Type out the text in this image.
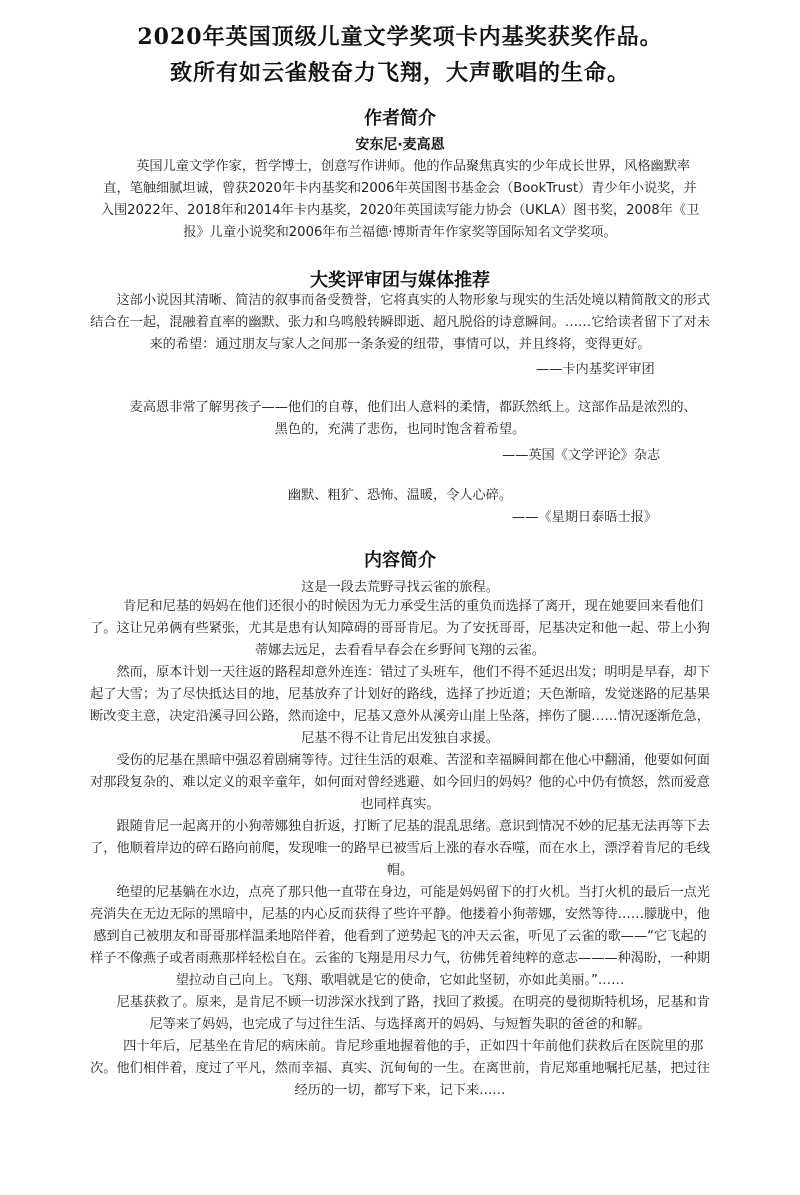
2020年英国顶级儿童文学奖项卡内基奖获奖作品。
致所有如云雀般奋力飞翔，大声歌唱的生命。
作者简介
安东尼·麦高恩
英国儿童文学作家，哲学博士，创意写作讲师。他的作品聚焦真实的少年成长世界，风格幽默率直，笔触细腻坦诚，曾获2020年卡内基奖和2006年英国图书基金会（BookTrust）青少年小说奖，并入围2022年、2018年和2014年卡内基奖，2020年英国读写能力协会（UKLA）图书奖，2008年《卫报》儿童小说奖和2006年布兰福德·博斯青年作家奖等国际知名文学奖项。
大奖评审团与媒体推荐
这部小说因其清晰、简洁的叙事而备受赞誉，它将真实的人物形象与现实的生活处境以精简散文的形式结合在一起，混融着直率的幽默、张力和乌鸣般转瞬即逝、超凡脱俗的诗意瞬间。……它给读者留下了对未来的希望：通过朋友与家人之间那一条条爱的纽带，事情可以，并且终将，变得更好。
——卡内基奖评审团
麦高恩非常了解男孩子——他们的自尊，他们出人意料的柔情，都跃然纸上。这部作品是浓烈的、黑色的，充满了悲伤，也同时饱含着希望。
——英国《文学评论》杂志
幽默、粗犷、恐怖、温暖，令人心碎。
——《星期日泰晤士报》
内容简介
这是一段去荒野寻找云雀的旅程。

肯尼和尼基的妈妈在他们还很小的时候因为无力承受生活的重负而选择了离开，现在她要回来看他们了。这让兄弟俩有些紧张，尤其是患有认知障碍的哥哥肯尼。为了安抚哥哥，尼基决定和他一起、带上小狗蒂娜去远足，去看看早春会在乡野间飞翔的云雀。

然而，原本计划一天往返的路程却意外连连：错过了头班车，他们不得不延迟出发；明明是早春，却下起了大雪；为了尽快抵达目的地，尼基放弃了计划好的路线，选择了抄近道；天色渐暗，发觉迷路的尼基果断改变主意，决定沿溪寻回公路，然而途中，尼基又意外从溪旁山崖上坠落，摔伤了腿……情况逐渐危急，尼基不得不让肯尼出发独自求援。

受伤的尼基在黑暗中强忍着剧痛等待。过往生活的艰难、苦涩和幸福瞬间都在他心中翻涌，他要如何面对那段复杂的、难以定义的艰辛童年，如何面对曾经逃避、如今回归的妈妈？他的心中仍有愤怒，然而爱意也同样真实。

跟随肯尼一起离开的小狗蒂娜独自折返，打断了尼基的混乱思绪。意识到情况不妙的尼基无法再等下去了，他顺着岸边的碎石路向前爬，发现唯一的路早已被雪后上涨的春水吞噬，而在水上，漂浮着肯尼的毛线帽。

绝望的尼基躺在水边，点亮了那只他一直带在身边，可能是妈妈留下的打火机。当打火机的最后一点光亮消失在无边无际的黑暗中，尼基的内心反而获得了些许平静。他搂着小狗蒂娜，安然等待……朦胧中，他感到自己被朋友和哥哥那样温柔地陪伴着，他看到了逆势起飞的冲天云雀，听见了云雀的歌——“它飞起的样子不像燕子或者雨燕那样轻松自在。云雀的飞翔是用尽力气，彷佛凭着纯粹的意志———种渴盼，一种期望拉动自己向上。飞翔、歌唱就是它的使命，它如此坚韧，亦如此美丽。”……

尼基获救了。原来，是肯尼不顾一切涉深水找到了路，找回了救援。在明亮的曼彻斯特机场，尼基和肯尼等来了妈妈，也完成了与过往生活、与选择离开的妈妈、与短暂失职的爸爸的和解。

四十年后，尼基坐在肯尼的病床前。肯尼珍重地握着他的手，正如四十年前他们获救后在医院里的那次。他们相伴着，度过了平凡，然而幸福、真实、沉甸甸的一生。在离世前，肯尼郑重地嘱托尼基，把过往经历的一切，都写下来，记下来……
